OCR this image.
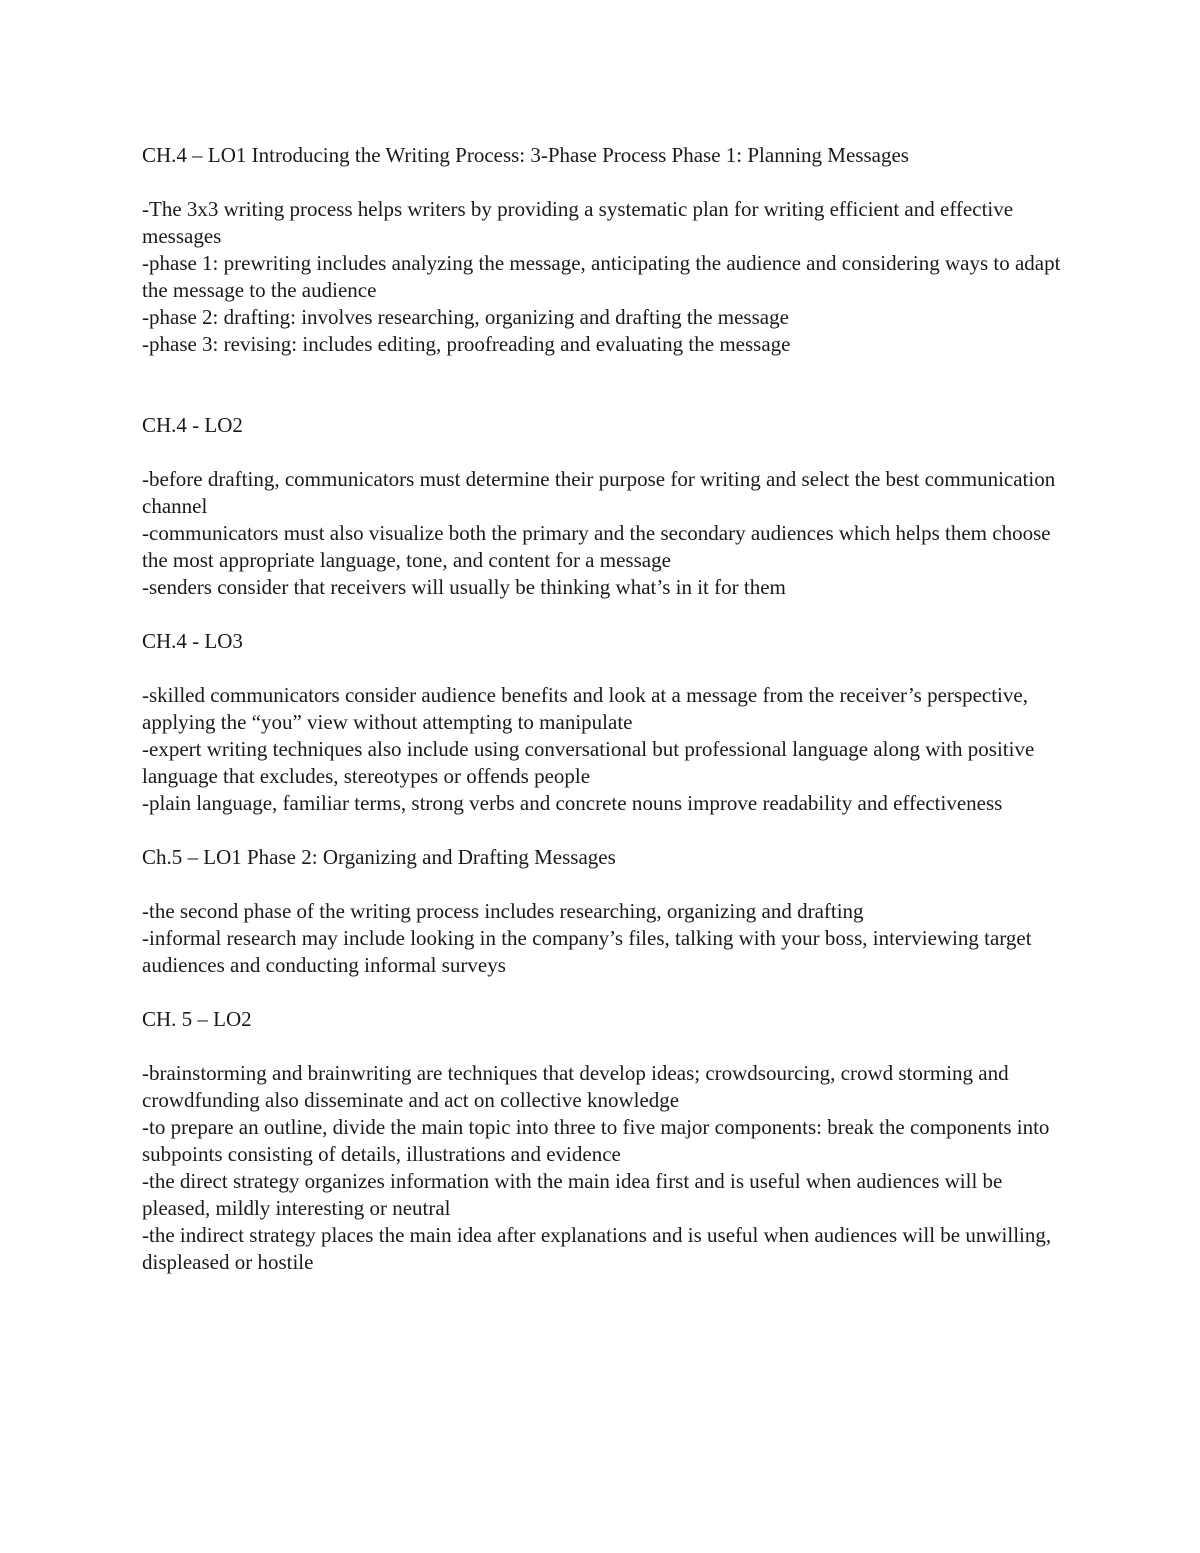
CH.4 – LO1 Introducing the Writing Process: 3-Phase Process Phase 1: Planning Messages

-The 3x3 writing process helps writers by providing a systematic plan for writing efficient and effective messages

-phase 1: prewriting includes analyzing the message, anticipating the audience and considering ways to adapt the message to the audience

-phase 2: drafting: involves researching, organizing and drafting the message

-phase 3: revising: includes editing, proofreading and evaluating the message

CH.4 - LO2

-before drafting, communicators must determine their purpose for writing and select the best communication channel

-communicators must also visualize both the primary and the secondary audiences which helps them choose the most appropriate language, tone, and content for a message

-senders consider that receivers will usually be thinking what’s in it for them

CH.4 - LO3

-skilled communicators consider audience benefits and look at a message from the receiver’s perspective, applying the “you” view without attempting to manipulate

-expert writing techniques also include using conversational but professional language along with positive language that excludes, stereotypes or offends people

-plain language, familiar terms, strong verbs and concrete nouns improve readability and effectiveness

Ch.5 – LO1 Phase 2: Organizing and Drafting Messages

-the second phase of the writing process includes researching, organizing and drafting

-informal research may include looking in the company’s files, talking with your boss, interviewing target audiences and conducting informal surveys

CH. 5 – LO2

-brainstorming and brainwriting are techniques that develop ideas; crowdsourcing, crowd storming and crowdfunding also disseminate and act on collective knowledge

-to prepare an outline, divide the main topic into three to five major components: break the components into subpoints consisting of details, illustrations and evidence

-the direct strategy organizes information with the main idea first and is useful when audiences will be pleased, mildly interesting or neutral

-the indirect strategy places the main idea after explanations and is useful when audiences will be unwilling, displeased or hostile
